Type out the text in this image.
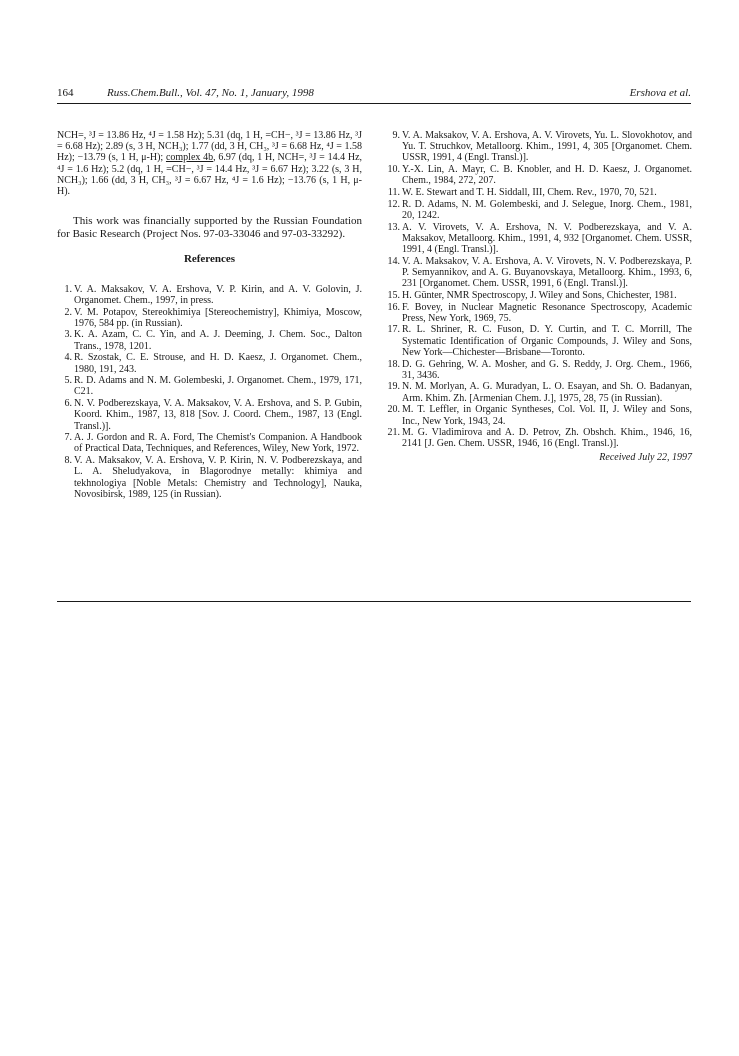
164	Russ.Chem.Bull., Vol. 47, No. 1, January, 1998	Ershova et al.

NCH=, ³J = 13.86 Hz, ⁴J = 1.58 Hz); 5.31 (dq, 1 H, =CH−, ³J = 13.86 Hz, ³J = 6.68 Hz); 2.89 (s, 3 H, NCH₃); 1.77 (dd, 3 H, CH₃, ³J = 6.68 Hz, ⁴J = 1.58 Hz); −13.79 (s, 1 H, μ-H); complex 4b, 6.97 (dq, 1 H, NCH=, ³J = 14.4 Hz, ⁴J = 1.6 Hz); 5.2 (dq, 1 H, =CH−, ³J = 14.4 Hz, ³J = 6.67 Hz); 3.22 (s, 3 H, NCH₃); 1.66 (dd, 3 H, CH₃, ³J = 6.67 Hz, ⁴J = 1.6 Hz); −13.76 (s, 1 H, μ-H).

This work was financially supported by the Russian Foundation for Basic Research (Project Nos. 97-03-33046 and 97-03-33292).

References
1. V. A. Maksakov, V. A. Ershova, V. P. Kirin, and A. V. Golovin, J. Organomet. Chem., 1997, in press.
2. V. M. Potapov, Stereokhimiya [Stereochemistry], Khimiya, Moscow, 1976, 584 pp. (in Russian).
3. K. A. Azam, C. C. Yin, and A. J. Deeming, J. Chem. Soc., Dalton Trans., 1978, 1201.
4. R. Szostak, C. E. Strouse, and H. D. Kaesz, J. Organomet. Chem., 1980, 191, 243.
5. R. D. Adams and N. M. Golembeski, J. Organomet. Chem., 1979, 171, C21.
6. N. V. Podberezskaya, V. A. Maksakov, V. A. Ershova, and S. P. Gubin, Koord. Khim., 1987, 13, 818 [Sov. J. Coord. Chem., 1987, 13 (Engl. Transl.)].
7. A. J. Gordon and R. A. Ford, The Chemist's Companion. A Handbook of Practical Data, Techniques, and References, Wiley, New York, 1972.
8. V. A. Maksakov, V. A. Ershova, V. P. Kirin, N. V. Podberezskaya, and L. A. Sheludyakova, in Blagorodnye metally: khimiya and tekhnologiya [Noble Metals: Chemistry and Technology], Nauka, Novosibirsk, 1989, 125 (in Russian).
9. V. A. Maksakov, V. A. Ershova, A. V. Virovets, Yu. L. Slovokhotov, and Yu. T. Struchkov, Metalloorg. Khim., 1991, 4, 305 [Organomet. Chem. USSR, 1991, 4 (Engl. Transl.)].
10. Y.-X. Lin, A. Mayr, C. B. Knobler, and H. D. Kaesz, J. Organomet. Chem., 1984, 272, 207.
11. W. E. Stewart and T. H. Siddall, III, Chem. Rev., 1970, 70, 521.
12. R. D. Adams, N. M. Golembeski, and J. Selegue, Inorg. Chem., 1981, 20, 1242.
13. A. V. Virovets, V. A. Ershova, N. V. Podberezskaya, and V. A. Maksakov, Metalloorg. Khim., 1991, 4, 932 [Organomet. Chem. USSR, 1991, 4 (Engl. Transl.)].
14. V. A. Maksakov, V. A. Ershova, A. V. Virovets, N. V. Podberezskaya, P. P. Semyannikov, and A. G. Buyanovskaya, Metalloorg. Khim., 1993, 6, 231 [Organomet. Chem. USSR, 1991, 6 (Engl. Transl.)].
15. H. Günter, NMR Spectroscopy, J. Wiley and Sons, Chichester, 1981.
16. F. Bovey, in Nuclear Magnetic Resonance Spectroscopy, Academic Press, New York, 1969, 75.
17. R. L. Shriner, R. C. Fuson, D. Y. Curtin, and T. C. Morrill, The Systematic Identification of Organic Compounds, J. Wiley and Sons, New York—Chichester—Brisbane—Toronto.
18. D. G. Gehring, W. A. Mosher, and G. S. Reddy, J. Org. Chem., 1966, 31, 3436.
19. N. M. Morlyan, A. G. Muradyan, L. O. Esayan, and Sh. O. Badanyan, Arm. Khim. Zh. [Armenian Chem. J.], 1975, 28, 75 (in Russian).
20. M. T. Leffler, in Organic Syntheses, Col. Vol. II, J. Wiley and Sons, Inc., New York, 1943, 24.
21. M. G. Vladimirova and A. D. Petrov, Zh. Obshch. Khim., 1946, 16, 2141 [J. Gen. Chem. USSR, 1946, 16 (Engl. Transl.)].
Received July 22, 1997
